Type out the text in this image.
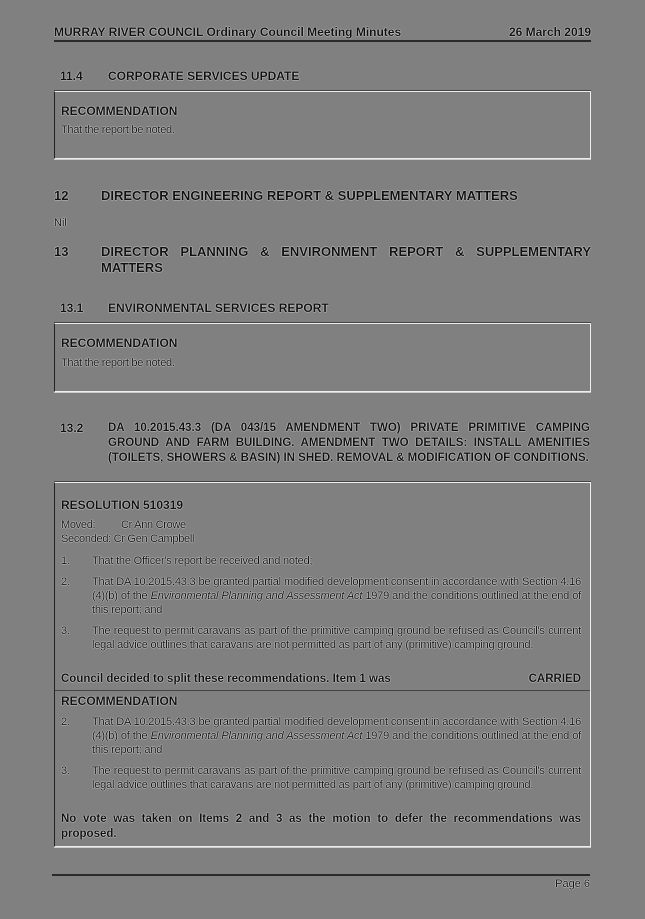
MURRAY RIVER COUNCIL Ordinary Council Meeting Minutes	26 March 2019
11.4 CORPORATE SERVICES UPDATE
RECOMMENDATION
That the report be noted.
12	DIRECTOR ENGINEERING REPORT & SUPPLEMENTARY MATTERS
Nil
13	DIRECTOR PLANNING & ENVIRONMENT REPORT & SUPPLEMENTARY MATTERS
13.1 ENVIRONMENTAL SERVICES REPORT
RECOMMENDATION
That the report be noted.
13.2 DA 10.2015.43.3 (DA 043/15 AMENDMENT TWO) PRIVATE PRIMITIVE CAMPING GROUND AND FARM BUILDING. AMENDMENT TWO DETAILS: INSTALL AMENITIES (TOILETS, SHOWERS & BASIN) IN SHED. REMOVAL & MODIFICATION OF CONDITIONS.
RESOLUTION 510319
Moved: Cr Ann Crowe
Seconded: Cr Gen Campbell
1. That the Officer's report be received and noted;
2. That DA 10.2015.43.3 be granted partial modified development consent in accordance with Section 4.16 (4)(b) of the Environmental Planning and Assessment Act 1979 and the conditions outlined at the end of this report; and
3. The request to permit caravans as part of the primitive camping ground be refused as Council's current legal advice outlines that caravans are not permitted as part of any (primitive) camping ground.
Council decided to split these recommendations. Item 1 was	CARRIED
RECOMMENDATION
2. That DA 10.2015.43.3 be granted partial modified development consent in accordance with Section 4.16 (4)(b) of the Environmental Planning and Assessment Act 1979 and the conditions outlined at the end of this report; and
3. The request to permit caravans as part of the primitive camping ground be refused as Council's current legal advice outlines that caravans are not permitted as part of any (primitive) camping ground.
No vote was taken on Items 2 and 3 as the motion to defer the recommendations was proposed.
Page 6
